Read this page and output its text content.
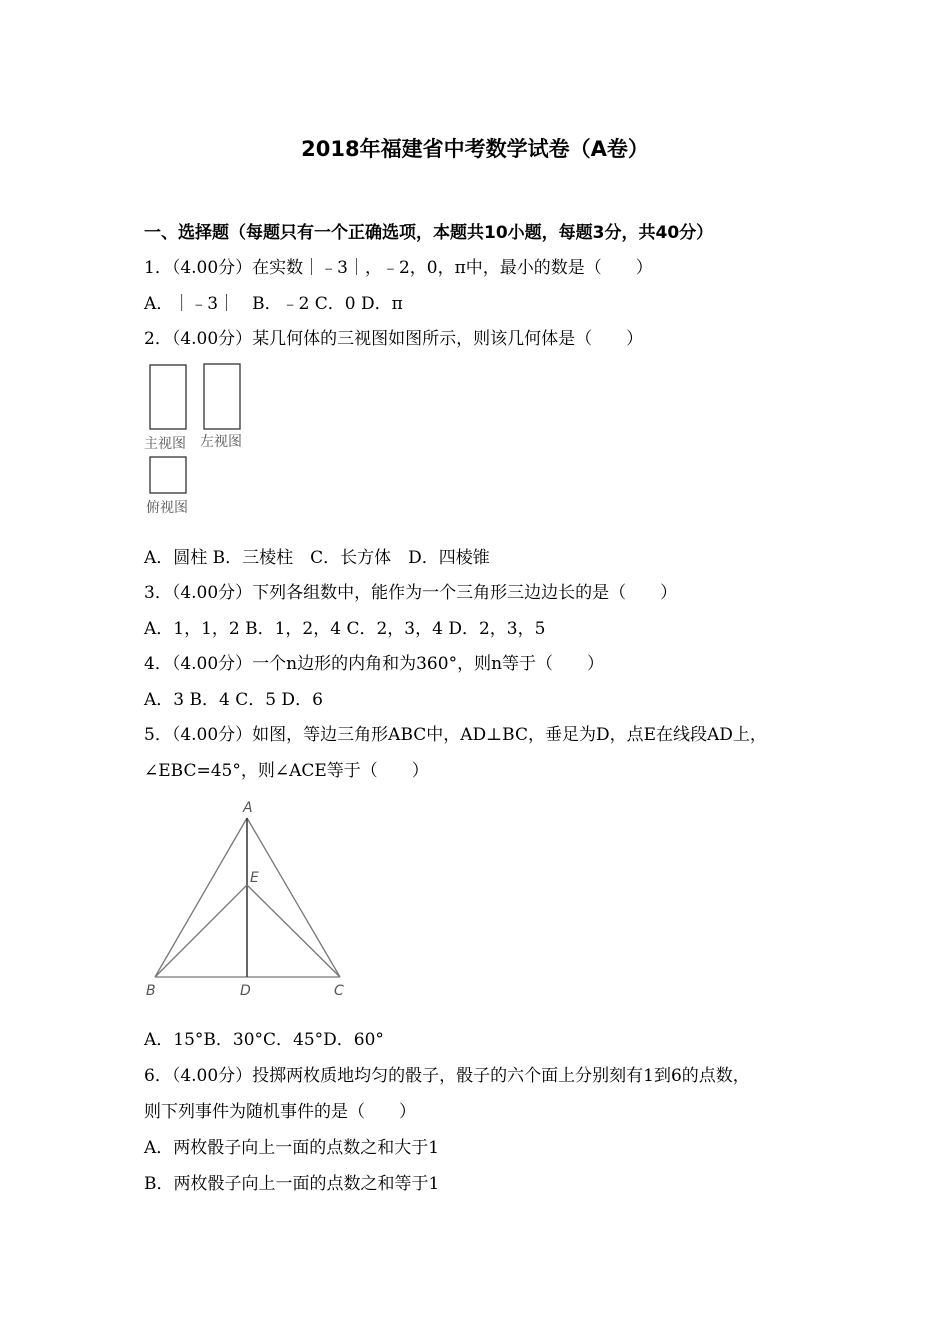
2018年福建省中考数学试卷（A卷）
一、选择题（每题只有一个正确选项，本题共10小题，每题3分，共40分）
1．（4.00分）在实数｜﹣3｜，﹣2，0，π中，最小的数是（　　）
A．｜﹣3｜　B．﹣2 C．0 D．π
2．（4.00分）某几何体的三视图如图所示，则该几何体是（　　）
主视图 左视图
俯视图
A．圆柱 B．三棱柱　C．长方体　D．四棱锥
3．（4.00分）下列各组数中，能作为一个三角形三边边长的是（　　）
A．1，1，2 B．1，2，4 C．2，3，4 D．2，3，5
4．（4.00分）一个n边形的内角和为360°，则n等于（　　）
A．3 B．4 C．5 D．6
5．（4.00分）如图，等边三角形ABC中，AD⊥BC，垂足为D，点E在线段AD上，
∠EBC=45°，则∠ACE等于（　　）
A
E
B	D	C
A．15°B．30°C．45°D．60°
6．（4.00分）投掷两枚质地均匀的骰子，骰子的六个面上分别刻有1到6的点数，
则下列事件为随机事件的是（　　）
A．两枚骰子向上一面的点数之和大于1
B．两枚骰子向上一面的点数之和等于1
